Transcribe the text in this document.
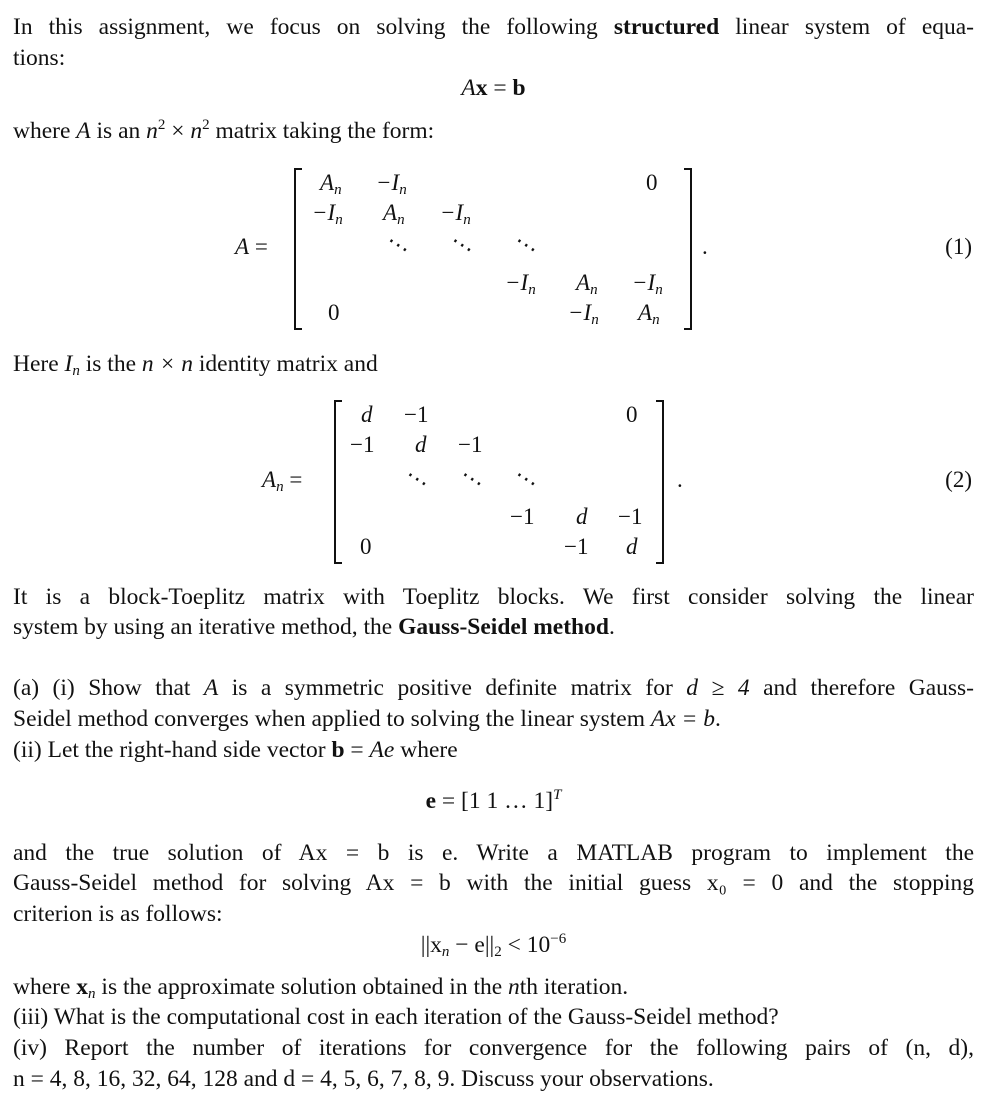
In this assignment, we focus on solving the following structured linear system of equa-
tions:
Ax = b
where A is an $n^2 \times n^2$ matrix taking the form:
A =
$A_n -I_n$	0
$-I_n$ $A_n -I_n$
⋅⋅⋅ ⋅⋅⋅ ⋅⋅⋅
$-I_n$ $A_n -I_n$
0	$-I_n$ $A_n$
.	(1)
Here $I_n$ is the n × n identity matrix and
$A_n$ =
d −1	0
−1 d −1
⋅⋅⋅ ⋅⋅⋅ ⋅⋅⋅
−1 d −1
0	−1 d
.	(2)
It is a block-Toeplitz matrix with Toeplitz blocks. We first consider solving the linear
system by using an iterative method, the Gauss-Seidel method.
(a) (i) Show that A is a symmetric positive definite matrix for d ≥ 4 and therefore Gauss-
Seidel method converges when applied to solving the linear system Ax = b.
(ii) Let the right-hand side vector b = Ae where
e = [1 1 … 1]$^T$
and the true solution of Ax = b is e. Write a MATLAB program to implement the
Gauss-Seidel method for solving Ax = b with the initial guess x₀ = 0 and the stopping
criterion is as follows:
$||x_n - e||_2 < 10^{-6}$
where $x_n$ is the approximate solution obtained in the nth iteration.
(iii) What is the computational cost in each iteration of the Gauss-Seidel method?
(iv) Report the number of iterations for convergence for the following pairs of (n, d),
n = 4, 8, 16, 32, 64, 128 and d = 4, 5, 6, 7, 8, 9. Discuss your observations.
